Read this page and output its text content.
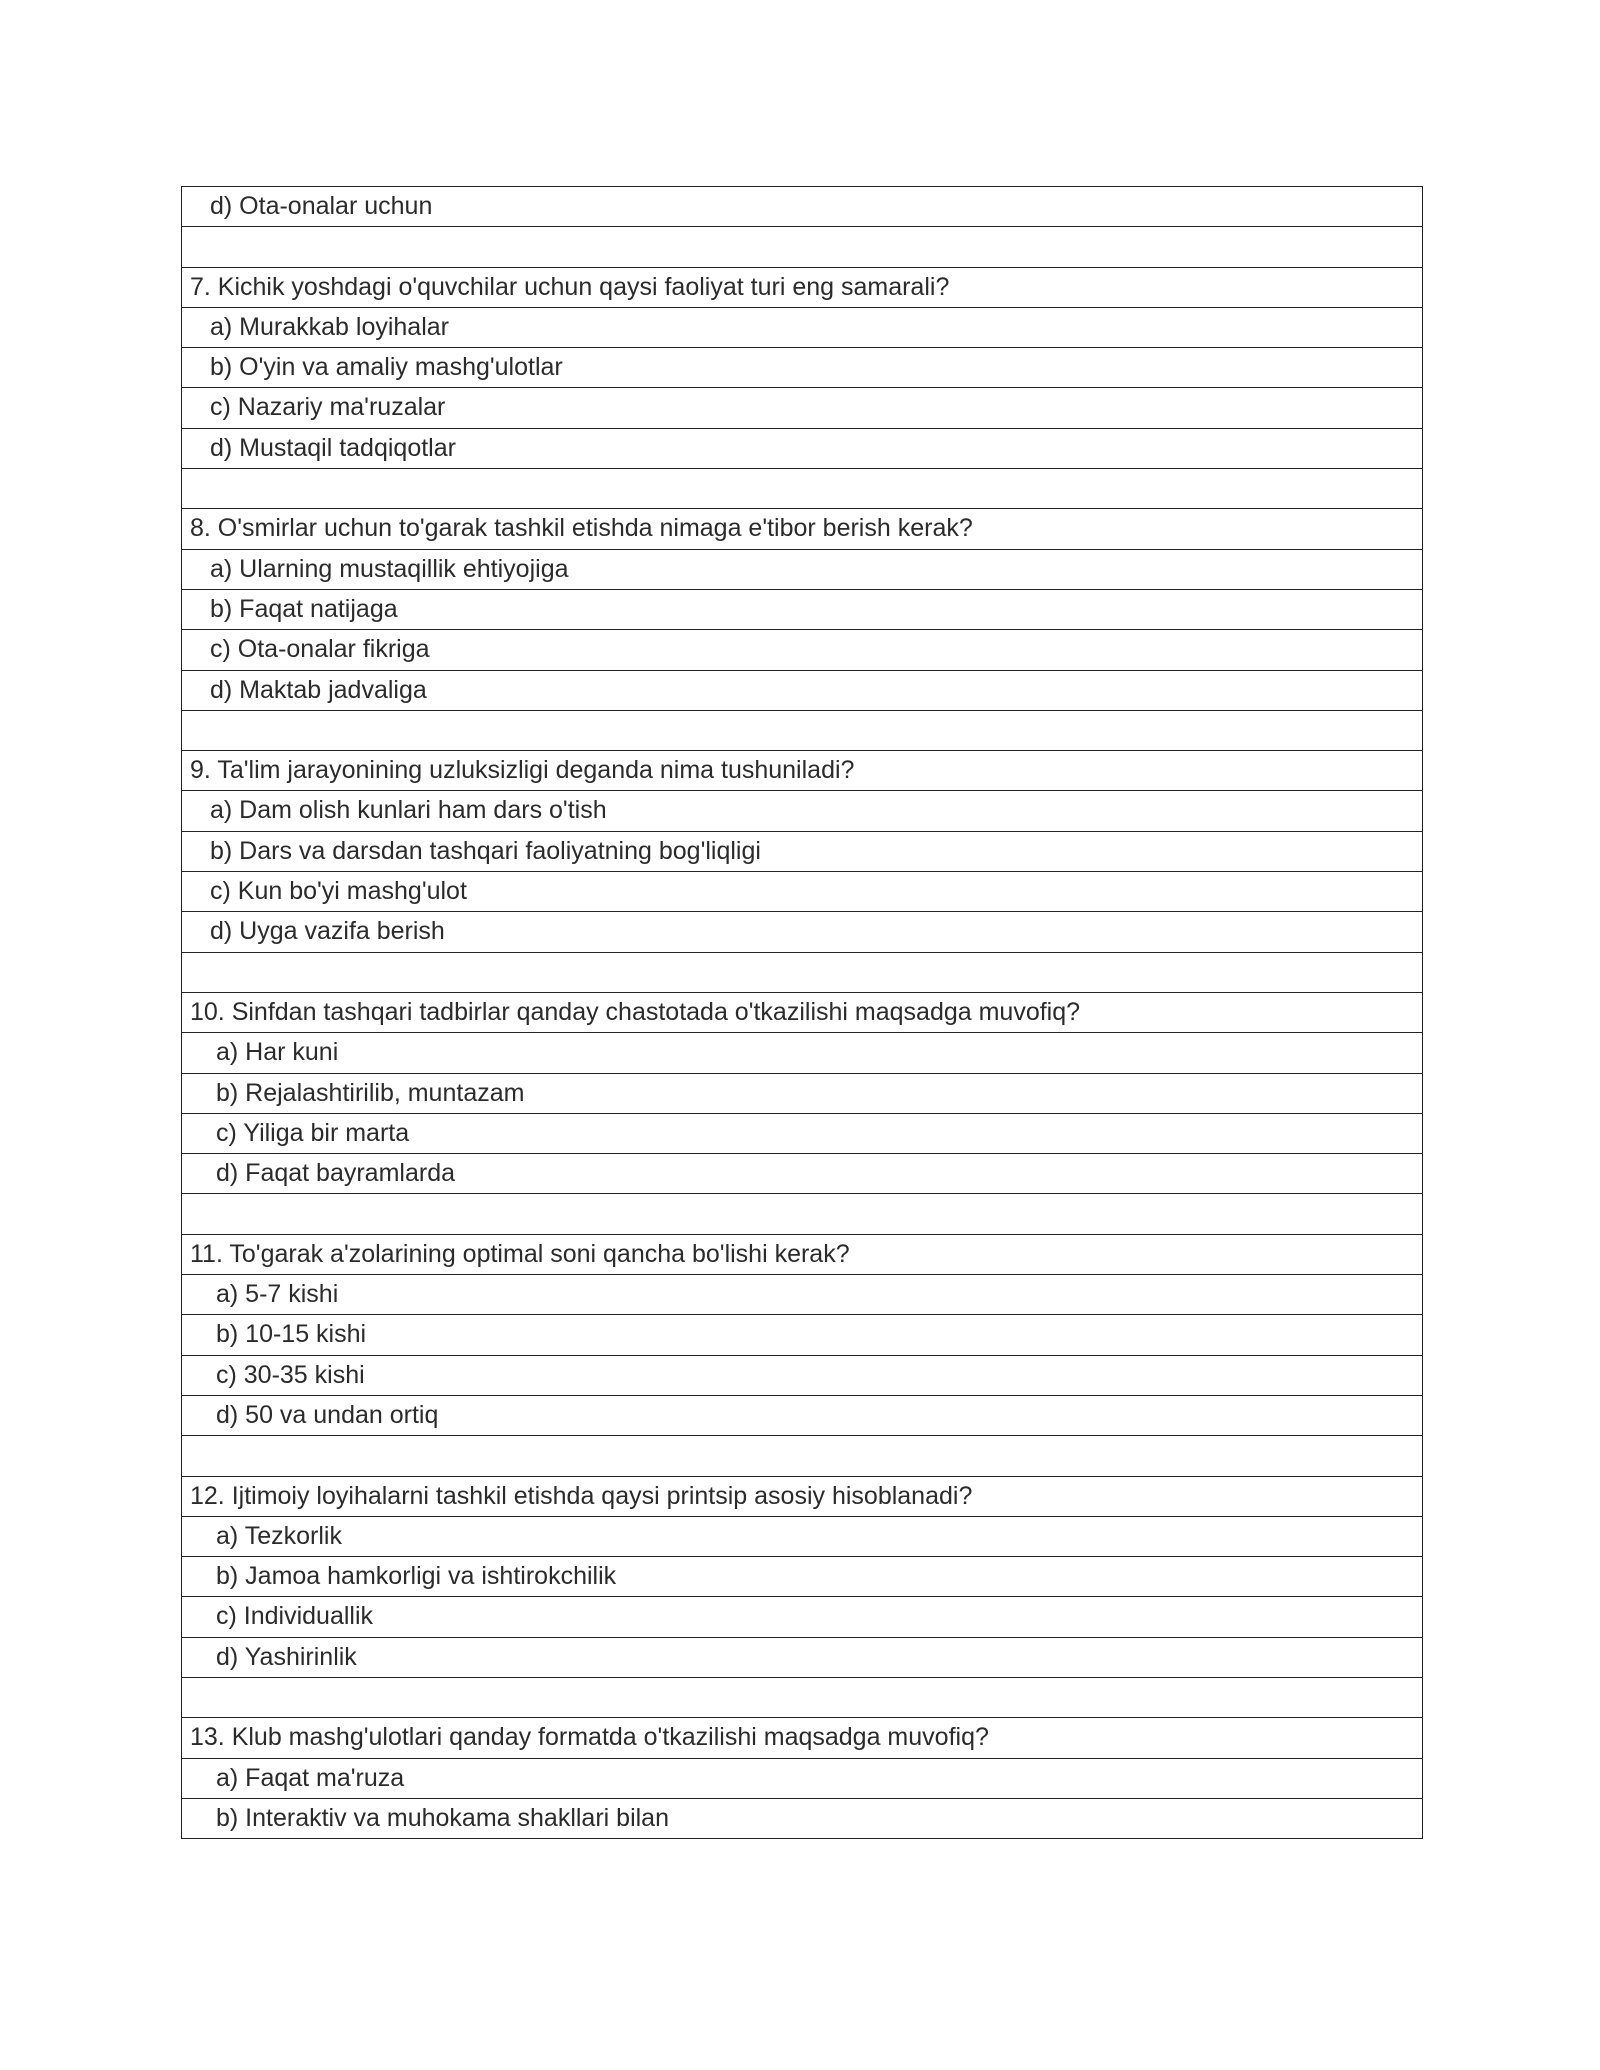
d) Ota-onalar uchun
7. Kichik yoshdagi o'quvchilar uchun qaysi faoliyat turi eng samarali?
a) Murakkab loyihalar
b) O'yin va amaliy mashg'ulotlar
c) Nazariy ma'ruzalar
d) Mustaqil tadqiqotlar
8. O'smirlar uchun to'garak tashkil etishda nimaga e'tibor berish kerak?
a) Ularning mustaqillik ehtiyojiga
b) Faqat natijaga
c) Ota-onalar fikriga
d) Maktab jadvaliga
9. Ta'lim jarayonining uzluksizligi deganda nima tushuniladi?
a) Dam olish kunlari ham dars o'tish
b) Dars va darsdan tashqari faoliyatning bog'liqligi
c) Kun bo'yi mashg'ulot
d) Uyga vazifa berish
10. Sinfdan tashqari tadbirlar qanday chastotada o'tkazilishi maqsadga muvofiq?
a) Har kuni
b) Rejalashtirilib, muntazam
c) Yiliga bir marta
d) Faqat bayramlarda
11. To'garak a'zolarining optimal soni qancha bo'lishi kerak?
a) 5-7 kishi
b) 10-15 kishi
c) 30-35 kishi
d) 50 va undan ortiq
12. Ijtimoiy loyihalarni tashkil etishda qaysi printsip asosiy hisoblanadi?
a) Tezkorlik
b) Jamoa hamkorligi va ishtirokchilik
c) Individuallik
d) Yashirinlik
13. Klub mashg'ulotlari qanday formatda o'tkazilishi maqsadga muvofiq?
a) Faqat ma'ruza
b) Interaktiv va muhokama shakllari bilan
